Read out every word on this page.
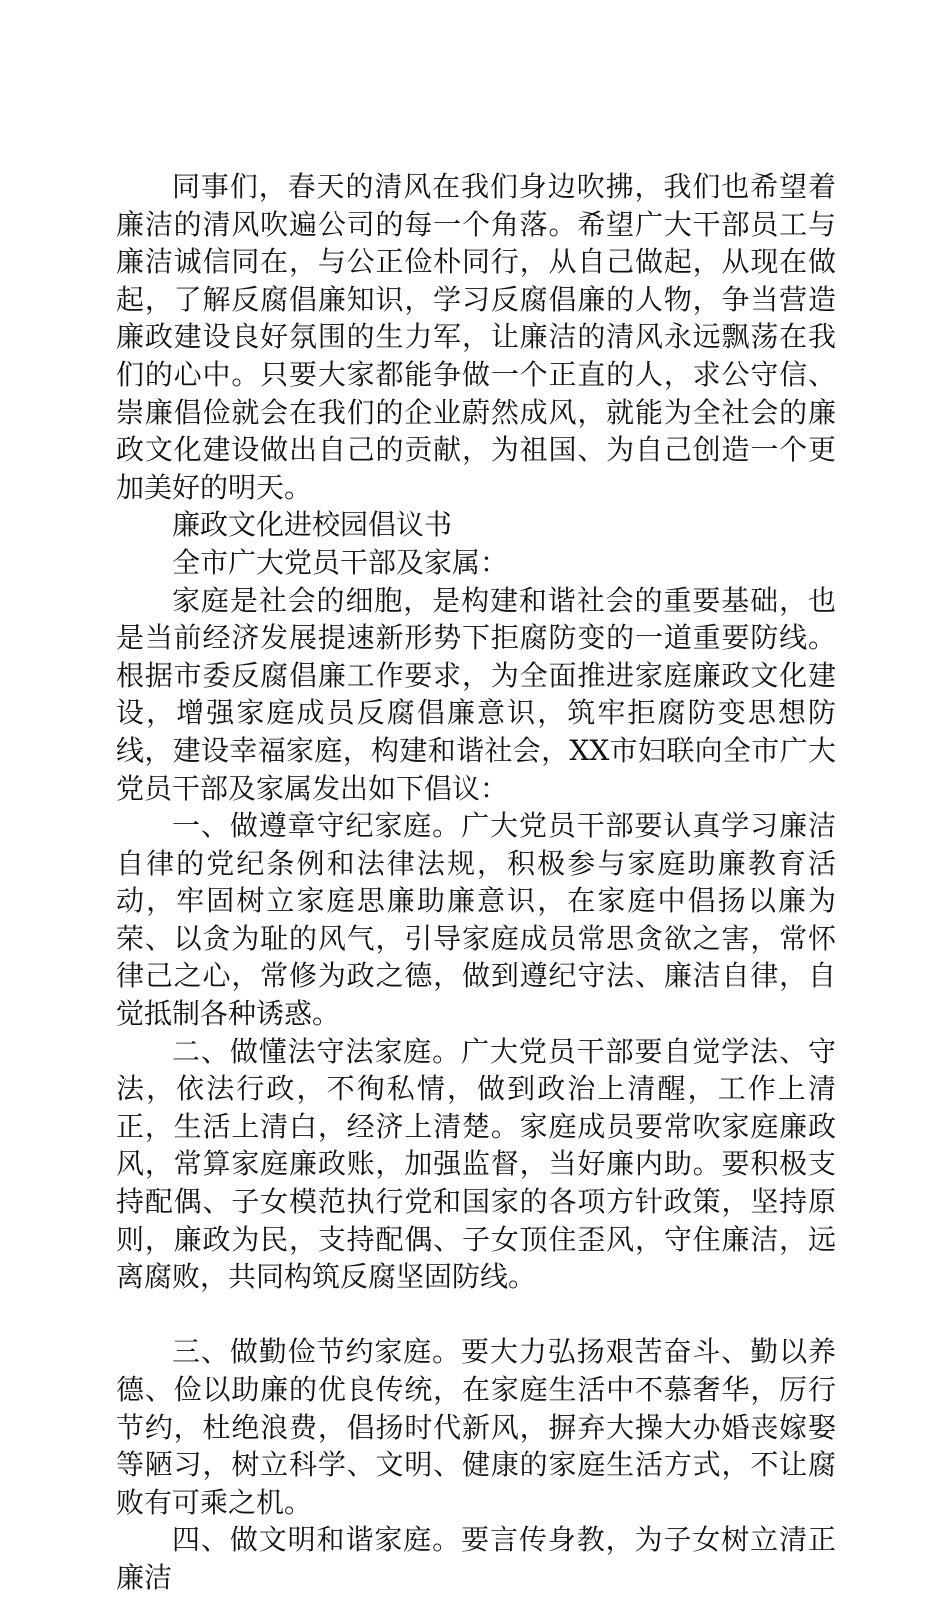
同事们，春天的清风在我们身边吹拂，我们也希望着廉洁的清风吹遍公司的每一个角落。希望广大干部员工与廉洁诚信同在，与公正俭朴同行，从自己做起，从现在做起，了解反腐倡廉知识，学习反腐倡廉的人物，争当营造廉政建设良好氛围的生力军，让廉洁的清风永远飘荡在我们的心中。只要大家都能争做一个正直的人，求公守信、崇廉倡俭就会在我们的企业蔚然成风，就能为全社会的廉政文化建设做出自己的贡献，为祖国、为自己创造一个更加美好的明天。

廉政文化进校园倡议书

全市广大党员干部及家属：

家庭是社会的细胞，是构建和谐社会的重要基础，也是当前经济发展提速新形势下拒腐防变的一道重要防线。根据市委反腐倡廉工作要求，为全面推进家庭廉政文化建设，增强家庭成员反腐倡廉意识，筑牢拒腐防变思想防线，建设幸福家庭，构建和谐社会，XX市妇联向全市广大党员干部及家属发出如下倡议：

一、做遵章守纪家庭。广大党员干部要认真学习廉洁自律的党纪条例和法律法规，积极参与家庭助廉教育活动，牢固树立家庭思廉助廉意识，在家庭中倡扬以廉为荣、以贪为耻的风气，引导家庭成员常思贪欲之害，常怀律己之心，常修为政之德，做到遵纪守法、廉洁自律，自觉抵制各种诱惑。

二、做懂法守法家庭。广大党员干部要自觉学法、守法，依法行政，不徇私情，做到政治上清醒，工作上清正，生活上清白，经济上清楚。家庭成员要常吹家庭廉政风，常算家庭廉政账，加强监督，当好廉内助。要积极支持配偶、子女模范执行党和国家的各项方针政策，坚持原则，廉政为民，支持配偶、子女顶住歪风，守住廉洁，远离腐败，共同构筑反腐坚固防线。

三、做勤俭节约家庭。要大力弘扬艰苦奋斗、勤以养德、俭以助廉的优良传统，在家庭生活中不慕奢华，厉行节约，杜绝浪费，倡扬时代新风，摒弃大操大办婚丧嫁娶等陋习，树立科学、文明、健康的家庭生活方式，不让腐败有可乘之机。

四、做文明和谐家庭。要言传身教，为子女树立清正廉洁
